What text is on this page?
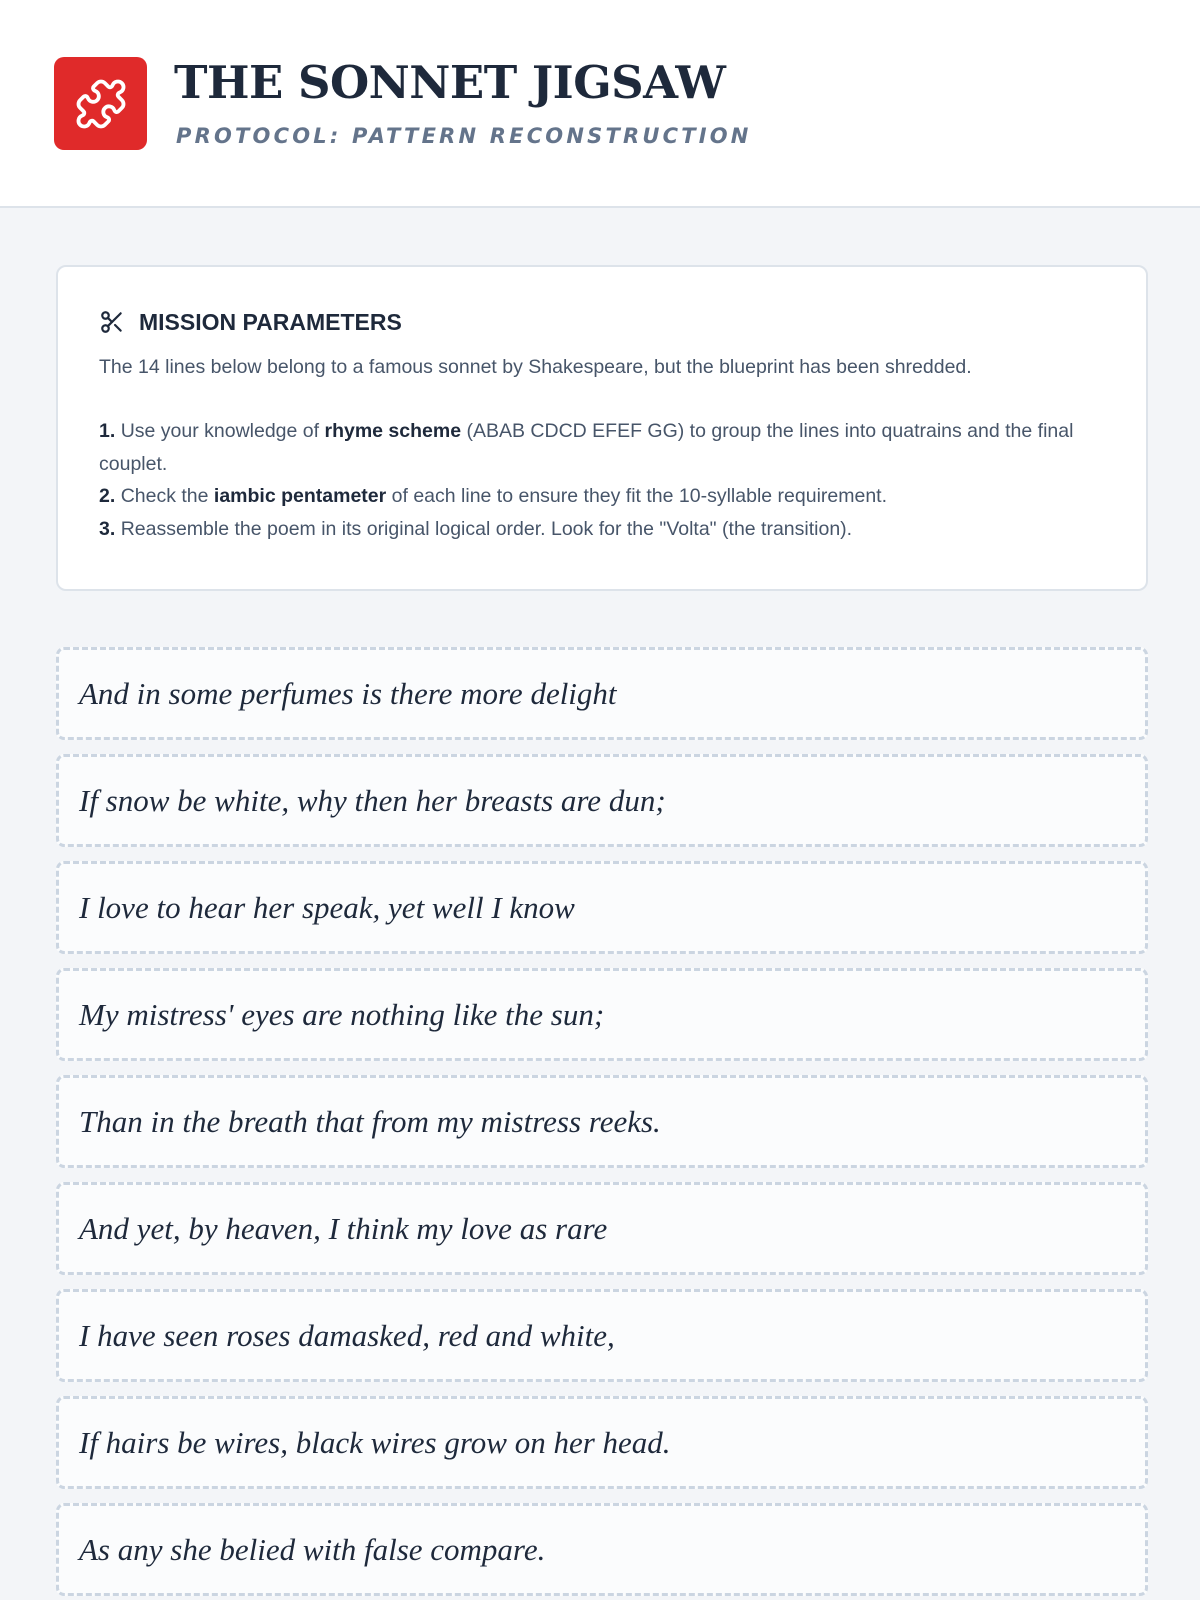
THE SONNET JIGSAW
PROTOCOL: PATTERN RECONSTRUCTION
MISSION PARAMETERS
The 14 lines below belong to a famous sonnet by Shakespeare, but the blueprint has been shredded.
1. Use your knowledge of rhyme scheme (ABAB CDCD EFEF GG) to group the lines into quatrains and the final couplet.
2. Check the iambic pentameter of each line to ensure they fit the 10-syllable requirement.
3. Reassemble the poem in its original logical order. Look for the "Volta" (the transition).
And in some perfumes is there more delight
If snow be white, why then her breasts are dun;
I love to hear her speak, yet well I know
My mistress' eyes are nothing like the sun;
Than in the breath that from my mistress reeks.
And yet, by heaven, I think my love as rare
I have seen roses damasked, red and white,
If hairs be wires, black wires grow on her head.
As any she belied with false compare.
